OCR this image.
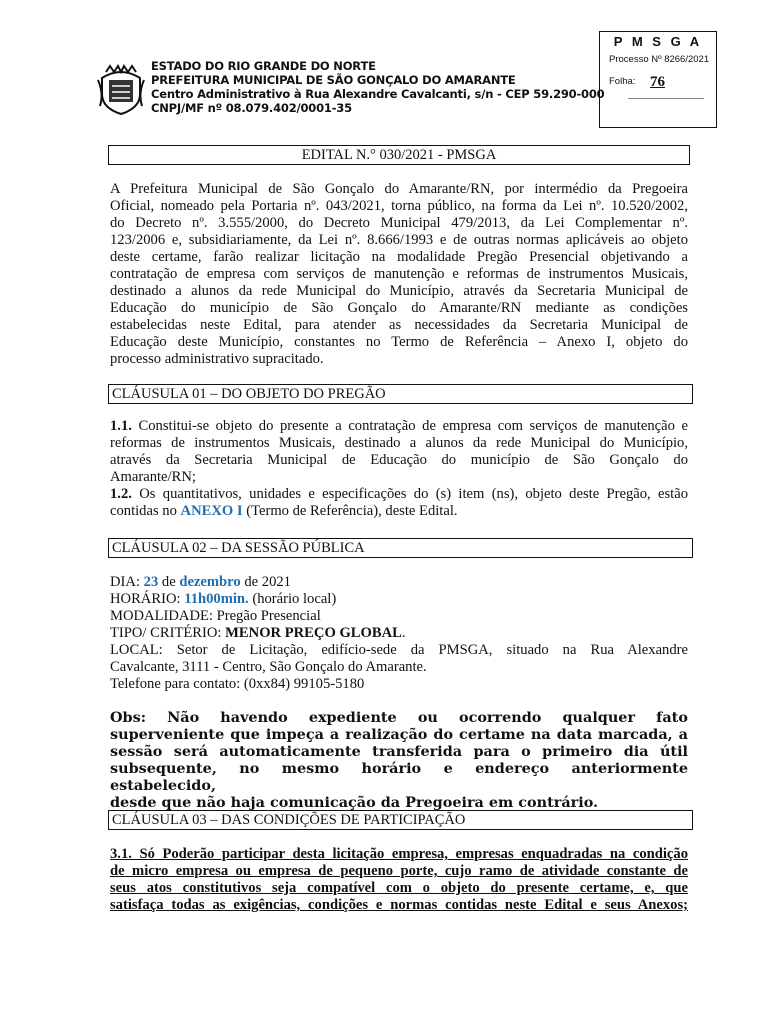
ESTADO DO RIO GRANDE DO NORTE
PREFEITURA MUNICIPAL DE SÃO GONÇALO DO AMARANTE
Centro Administrativo à Rua Alexandre Cavalcanti, s/n - CEP 59.290-000
CNPJ/MF nº 08.079.402/0001-35
P M S G A
Processo Nº 8266/2021
Folha: 76
EDITAL N.° 030/2021 - PMSGA
A Prefeitura Municipal de São Gonçalo do Amarante/RN, por intermédio da Pregoeira
Oficial, nomeado pela Portaria nº. 043/2021, torna público, na forma da Lei nº. 10.520/2002,
do Decreto nº. 3.555/2000, do Decreto Municipal 479/2013, da Lei Complementar nº.
123/2006 e, subsidiariamente, da Lei nº. 8.666/1993 e de outras normas aplicáveis ao objeto
deste certame, farão realizar licitação na modalidade Pregão Presencial objetivando a
contratação de empresa com serviços de manutenção e reformas de instrumentos Musicais,
destinado a alunos da rede Municipal do Município, através da Secretaria Municipal de
Educação do município de São Gonçalo do Amarante/RN mediante as condições
estabelecidas neste Edital, para atender as necessidades da Secretaria Municipal de
Educação deste Município, constantes no Termo de Referência – Anexo I, objeto do
processo administrativo supracitado.
CLÁUSULA 01 – DO OBJETO DO PREGÃO
1.1. Constitui-se objeto do presente a contratação de empresa com serviços de manutenção e
reformas de instrumentos Musicais, destinado a alunos da rede Municipal do Município,
através da Secretaria Municipal de Educação do município de São Gonçalo do
Amarante/RN;
1.2. Os quantitativos, unidades e especificações do (s) item (ns), objeto deste Pregão, estão
contidas no ANEXO I (Termo de Referência), deste Edital.
CLÁUSULA 02 – DA SESSÃO PÚBLICA
DIA: 23 de dezembro de 2021
HORÁRIO: 11h00min. (horário local)
MODALIDADE: Pregão Presencial
TIPO/ CRITÉRIO: MENOR PREÇO GLOBAL.
LOCAL: Setor de Licitação, edifício-sede da PMSGA, situado na Rua Alexandre
Cavalcante, 3111 - Centro, São Gonçalo do Amarante.
Telefone para contato: (0xx84) 99105-5180
Obs: Não havendo expediente ou ocorrendo qualquer fato
superveniente que impeça a realização do certame na data marcada, a
sessão será automaticamente transferida para o primeiro dia útil
subsequente, no mesmo horário e endereço anteriormente estabelecido,
desde que não haja comunicação da Pregoeira em contrário.
CLÁUSULA 03 – DAS CONDIÇÕES DE PARTICIPAÇÃO
3.1. Só Poderão participar desta licitação empresa, empresas enquadradas na condição
de micro empresa ou empresa de pequeno porte, cujo ramo de atividade constante de
seus atos constitutivos seja compatível com o objeto do presente certame, e, que
satisfaça todas as exigências, condições e normas contidas neste Edital e seus Anexos;
